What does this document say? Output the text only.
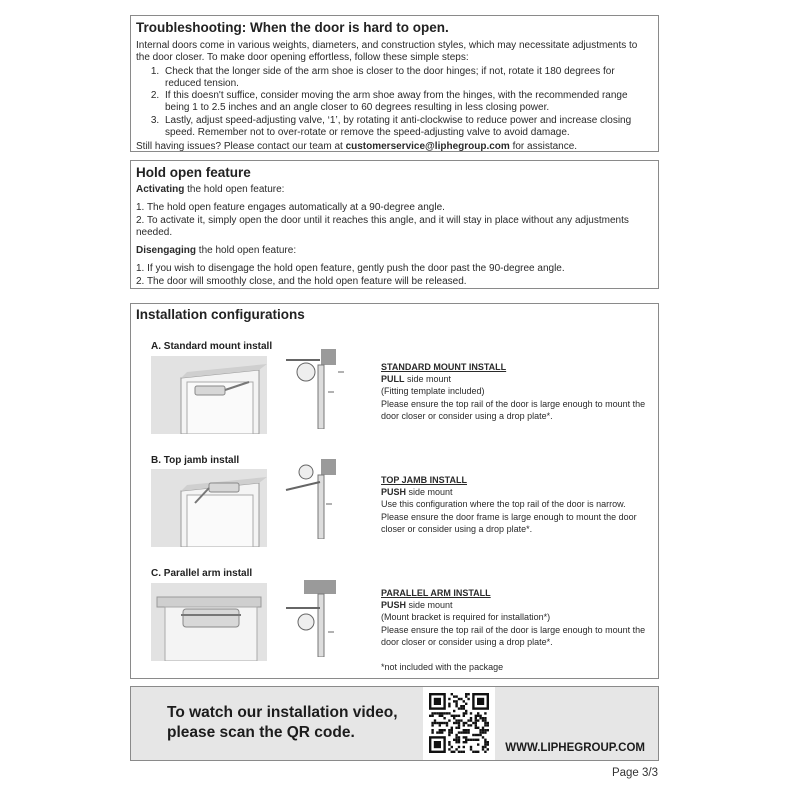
Troubleshooting: When the door is hard to open.
Internal doors come in various weights, diameters, and construction styles, which may necessitate adjustments to the door closer. To make door opening effortless, follow these simple steps:
1. Check that the longer side of the arm shoe is closer to the door hinges; if not, rotate it 180 degrees for reduced tension.
2. If this doesn't suffice, consider moving the arm shoe away from the hinges, with the recommended range being 1 to 2.5 inches and an angle closer to 60 degrees resulting in less closing power.
3. Lastly, adjust speed-adjusting valve, ‘1’, by rotating it anti-clockwise to reduce power and increase closing speed. Remember not to over-rotate or remove the speed-adjusting valve to avoid damage.
Still having issues? Please contact our team at customerservice@liphegroup.com for assistance.
Hold open feature
Activating the hold open feature:
1. The hold open feature engages automatically at a 90-degree angle.
2. To activate it, simply open the door until it reaches this angle, and it will stay in place without any adjustments needed.
Disengaging the hold open feature:
1. If you wish to disengage the hold open feature, gently push the door past the 90-degree angle.
2. The door will smoothly close, and the hold open feature will be released.
Installation configurations
A. Standard mount install
STANDARD MOUNT INSTALL
PULL side mount
(Fitting template included)
Please ensure the top rail of the door is large enough to mount the door closer or consider using a drop plate*.
B. Top jamb install
TOP JAMB INSTALL
PUSH side mount
Use this configuration where the top rail of the door is narrow.
Please ensure the door frame is large enough to mount the door closer or consider using a drop plate*.
C. Parallel arm install
PARALLEL ARM INSTALL
PUSH side mount
(Mount bracket is required for installation*)
Please ensure the top rail of the door is large enough to mount the door closer or consider using a drop plate*.
*not included with the package
To watch our installation video,
please scan the QR code.
WWW.LIPHEGROUP.COM
Page 3/3
